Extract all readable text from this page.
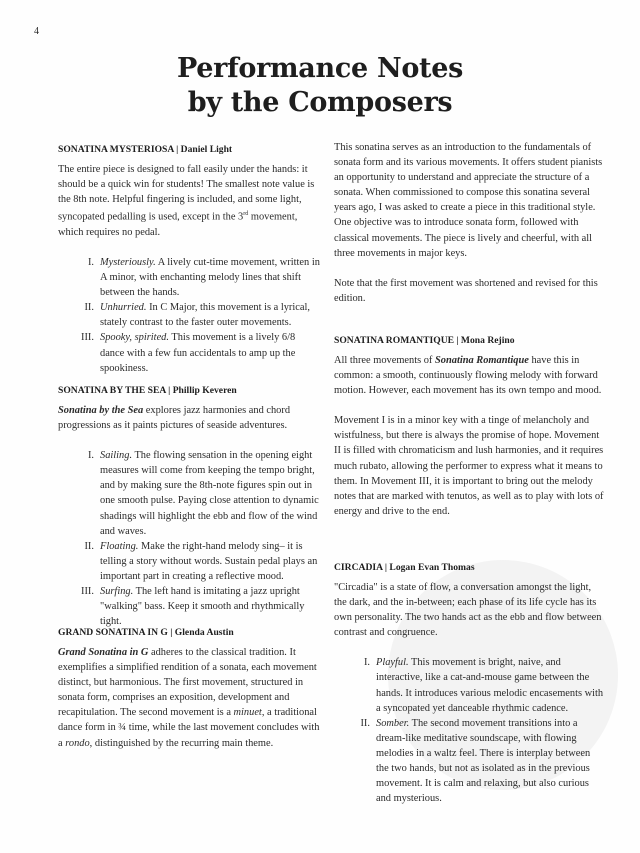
4
Performance Notes
by the Composers
SONATINA MYSTERIOSA | Daniel Light

The entire piece is designed to fall easily under the hands: it should be a quick win for students! The smallest note value is the 8th note. Helpful fingering is included, and some light, syncopated pedalling is used, except in the 3rd movement, which requires no pedal.

I. Mysteriously. A lively cut-time movement, written in A minor, with enchanting melody lines that shift between the hands.
II. Unhurried. In C Major, this movement is a lyrical, stately contrast to the faster outer movements.
III. Spooky, spirited. This movement is a lively 6/8 dance with a few fun accidentals to amp up the spookiness.
SONATINA BY THE SEA | Phillip Keveren

Sonatina by the Sea explores jazz harmonies and chord progressions as it paints pictures of seaside adventures.

I. Sailing. The flowing sensation in the opening eight measures will come from keeping the tempo bright, and by making sure the 8th-note figures spin out in one smooth pulse. Paying close attention to dynamic shadings will highlight the ebb and flow of the wind and waves.
II. Floating. Make the right-hand melody sing– it is telling a story without words. Sustain pedal plays an important part in creating a reflective mood.
III. Surfing. The left hand is imitating a jazz upright "walking" bass. Keep it smooth and rhythmically tight.
GRAND SONATINA IN G | Glenda Austin

Grand Sonatina in G adheres to the classical tradition. It exemplifies a simplified rendition of a sonata, each movement distinct, but harmonious. The first movement, structured in sonata form, comprises an exposition, development and recapitulation. The second movement is a minuet, a traditional dance form in ¾ time, while the last movement concludes with a rondo, distinguished by the recurring main theme.

This sonatina serves as an introduction to the fundamentals of sonata form and its various movements. It offers student pianists an opportunity to understand and appreciate the structure of a sonata. When commissioned to compose this sonatina several years ago, I was asked to create a piece in this traditional style. One objective was to introduce sonata form, followed with classical movements. The piece is lively and cheerful, with all three movements in major keys.

Note that the first movement was shortened and revised for this edition.

SONATINA ROMANTIQUE | Mona Rejino

All three movements of Sonatina Romantique have this in common: a smooth, continuously flowing melody with forward motion. However, each movement has its own tempo and mood.

Movement I is in a minor key with a tinge of melancholy and wistfulness, but there is always the promise of hope. Movement II is filled with chromaticism and lush harmonies, and it requires much rubato, allowing the performer to express what it means to them. In Movement III, it is important to bring out the melody notes that are marked with tenutos, as well as to play with lots of energy and drive to the end.

CIRCADIA | Logan Evan Thomas

"Circadia" is a state of flow, a conversation amongst the light, the dark, and the in-between; each phase of its life cycle has its own personality. The two hands act as the ebb and flow between contrast and congruence.

I. Playful. This movement is bright, naive, and interactive, like a cat-and-mouse game between the hands. It introduces various melodic encasements with a syncopated yet danceable rhythmic cadence.
II. Somber. The second movement transitions into a dream-like meditative soundscape, with flowing melodies in a waltz feel. There is interplay between the two hands, but not as isolated as in the previous movement. It is calm and relaxing, but also curious and mysterious.
